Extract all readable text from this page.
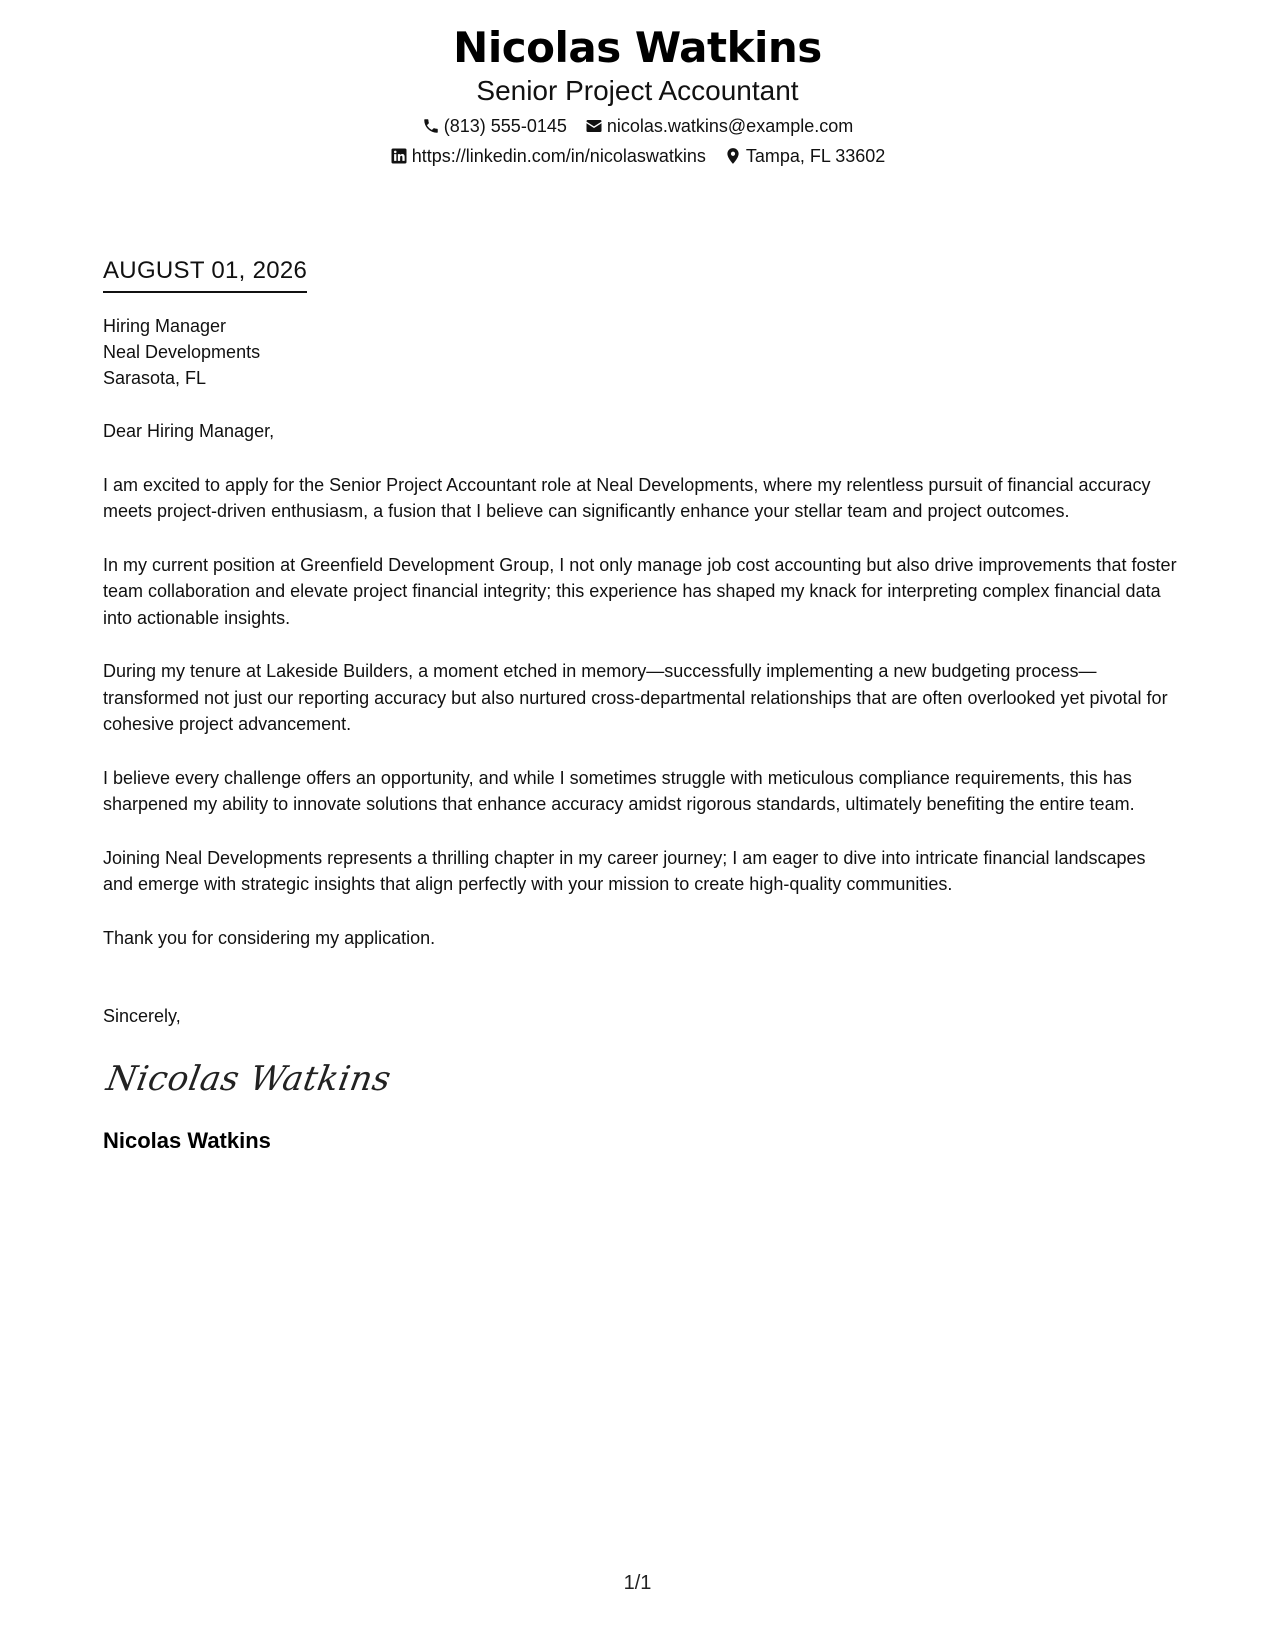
Nicolas Watkins
Senior Project Accountant
(813) 555-0145 nicolas.watkins@example.com
https://linkedin.com/in/nicolaswatkins Tampa, FL 33602
AUGUST 01, 2026
Hiring Manager
Neal Developments
Sarasota, FL

Dear Hiring Manager,

I am excited to apply for the Senior Project Accountant role at Neal Developments, where my relentless pursuit of financial accuracy meets project-driven enthusiasm, a fusion that I believe can significantly enhance your stellar team and project outcomes.

In my current position at Greenfield Development Group, I not only manage job cost accounting but also drive improvements that foster team collaboration and elevate project financial integrity; this experience has shaped my knack for interpreting complex financial data into actionable insights.

During my tenure at Lakeside Builders, a moment etched in memory—successfully implementing a new budgeting process—transformed not just our reporting accuracy but also nurtured cross-departmental relationships that are often overlooked yet pivotal for cohesive project advancement.

I believe every challenge offers an opportunity, and while I sometimes struggle with meticulous compliance requirements, this has sharpened my ability to innovate solutions that enhance accuracy amidst rigorous standards, ultimately benefiting the entire team.

Joining Neal Developments represents a thrilling chapter in my career journey; I am eager to dive into intricate financial landscapes and emerge with strategic insights that align perfectly with your mission to create high-quality communities.

Thank you for considering my application.

Sincerely,
Nicolas Watkins
Nicolas Watkins
1/1
